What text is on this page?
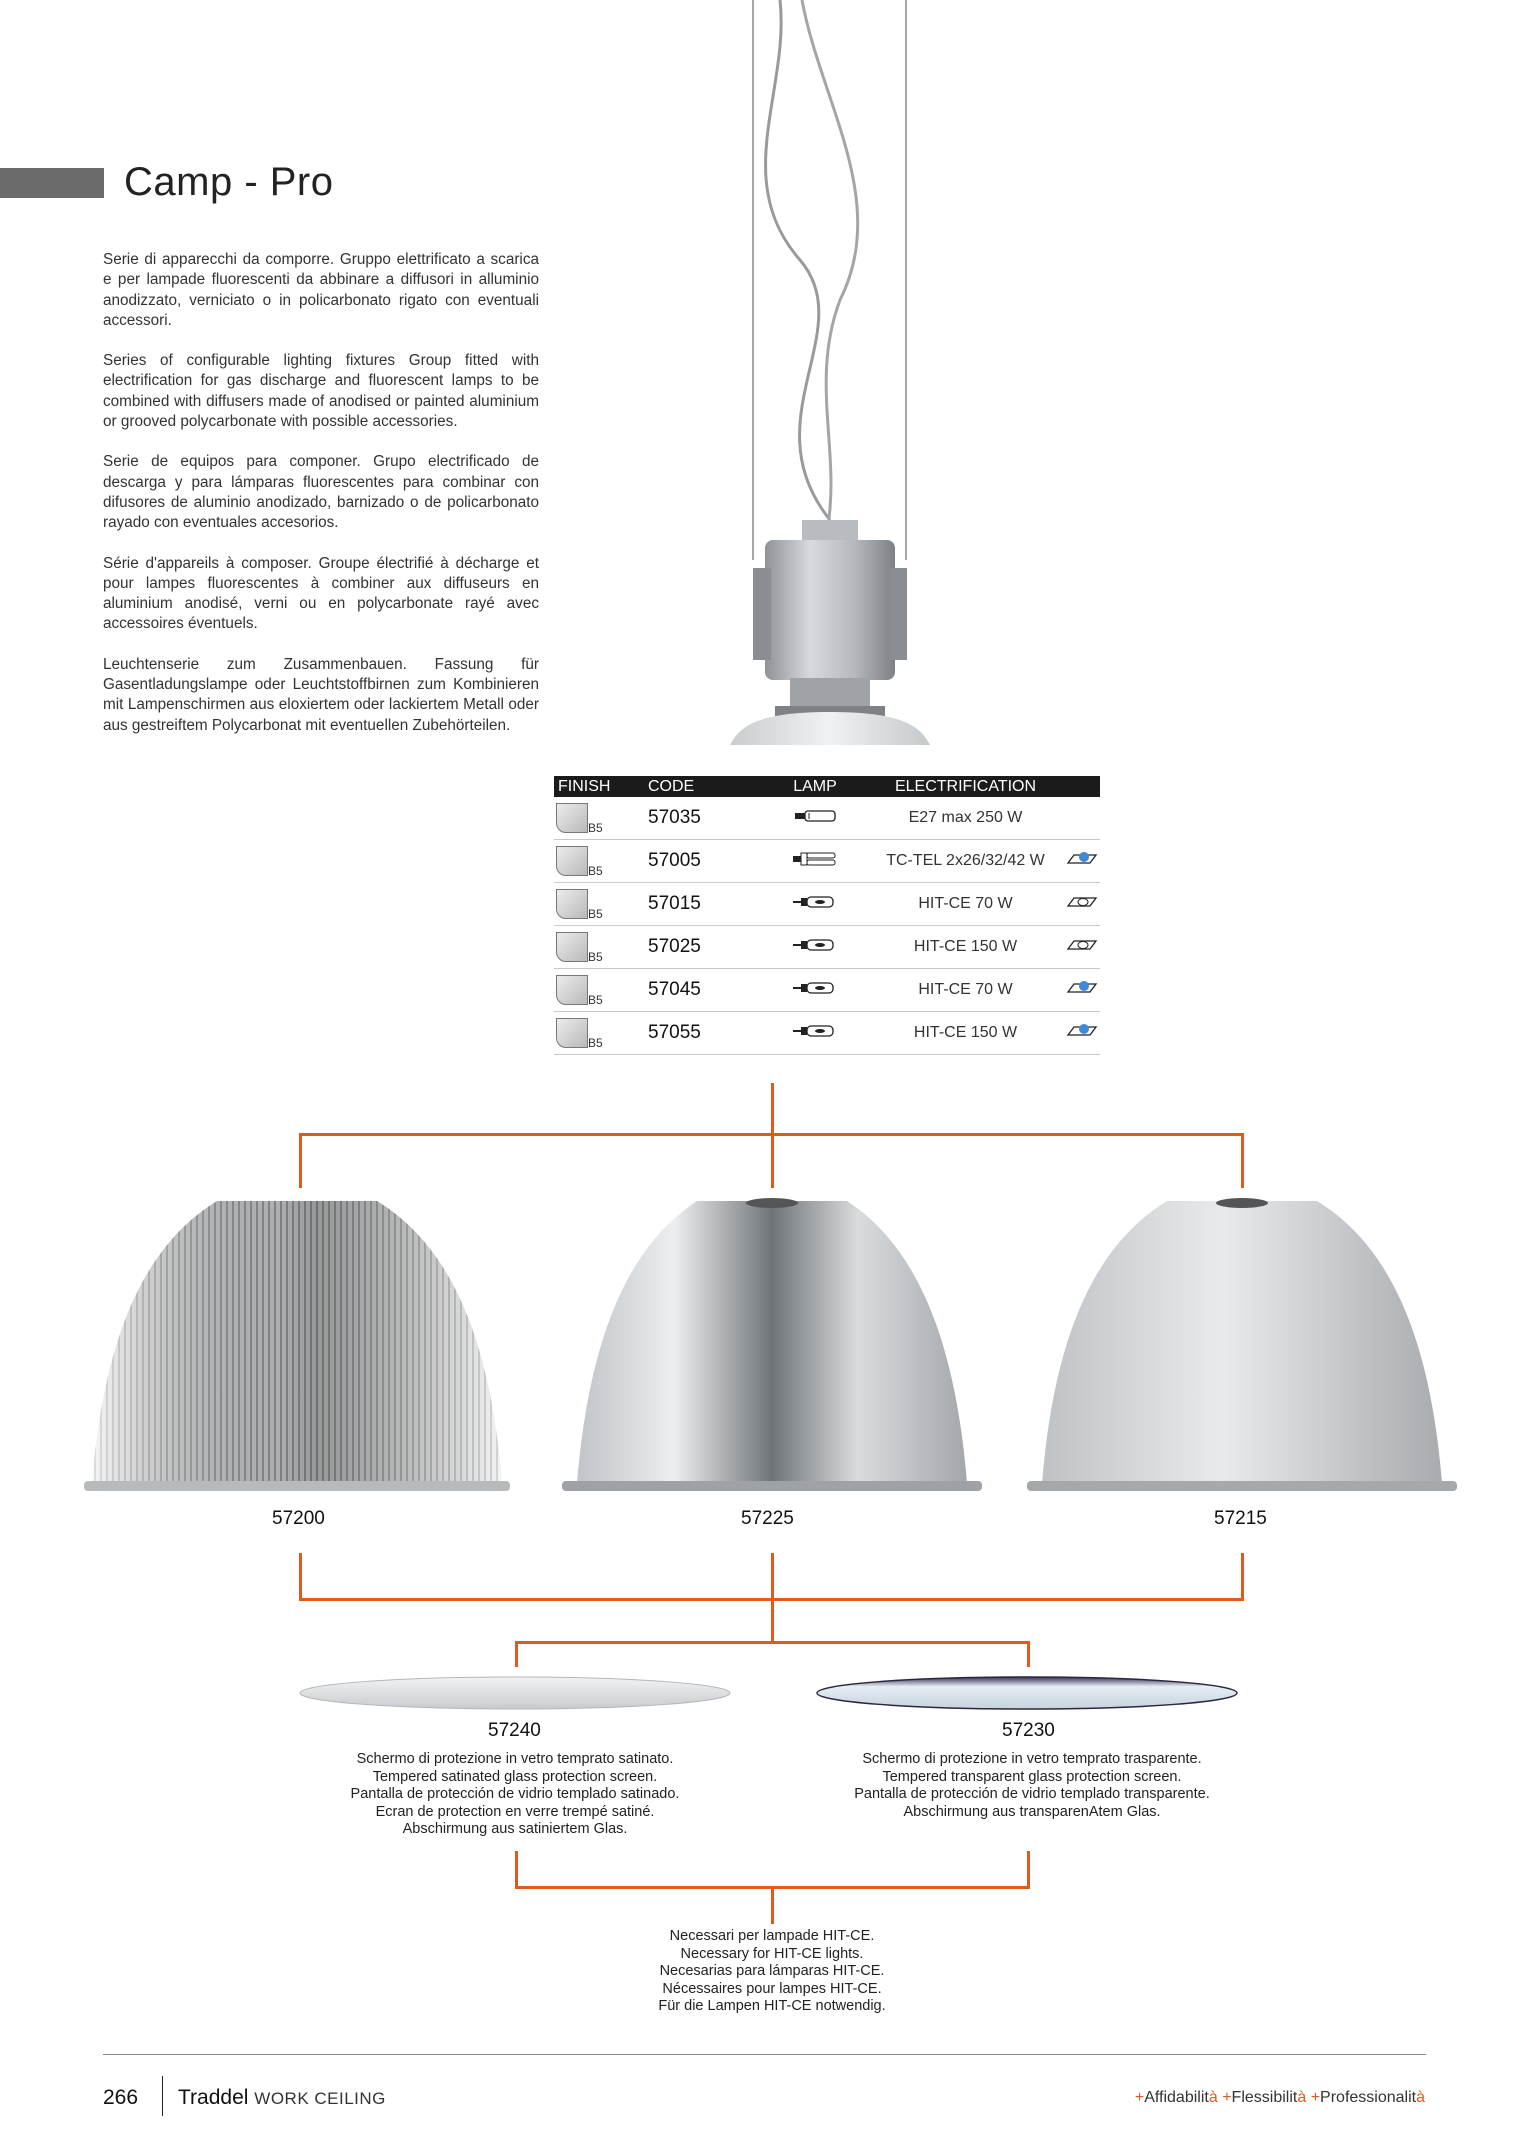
Camp - Pro

Serie di apparecchi da comporre. Gruppo elettrificato a scarica e per lampade fluorescenti da abbinare a diffusori in alluminio anodizzato, verniciato o in policarbonato rigato con eventuali accessori.

Series of configurable lighting fixtures Group fitted with electrification for gas discharge and fluorescent lamps to be combined with diffusers made of anodised or painted aluminium or grooved polycarbonate with possible accessories.

Serie de equipos para componer. Grupo electrificado de descarga y para lámparas fluorescentes para combinar con difusores de aluminio anodizado, barnizado o de policarbonato rayado con eventuales accesorios.

Série d'appareils à composer. Groupe électrifié à décharge et pour lampes fluorescentes à combiner aux diffuseurs en aluminium anodisé, verni ou en polycarbonate rayé avec accessoires éventuels.

Leuchtenserie zum Zusammenbauen. Fassung für Gasentladungslampe oder Leuchtstoffbirnen zum Kombinieren mit Lampenschirmen aus eloxiertem oder lackiertem Metall oder aus gestreiftem Polycarbonat mit eventuellen Zubehörteilen.

FINISH	CODE	LAMP	ELECTRIFICATION	

B5	57035		E27 max 250 W	

B5	57005		TC-TEL 2x26/32/42 W	

B5	57015		HIT-CE 70 W	

B5	57025		HIT-CE 150 W	

B5	57045		HIT-CE 70 W	

B5	57055		HIT-CE 150 W	
57200	57225	57215
57240	57230
Schermo di protezione in vetro temprato satinato.
Tempered satinated glass protection screen.
Pantalla de protección de vidrio templado satinado.
Ecran de protection en verre trempé satiné.
Abschirmung aus satiniertem Glas.
Schermo di protezione in vetro temprato trasparente.
Tempered transparent glass protection screen.
Pantalla de protección de vidrio templado transparente.
Abschirmung aus transparenAtem Glas.
Necessari per lampade HIT-CE.
Necessary for HIT-CE lights.
Necesarias para lámparas HIT-CE.
Nécessaires pour lampes HIT-CE.
Für die Lampen HIT-CE notwendig.
266 Traddel WORK CEILING	+Affidabilità +Flessibilità +Professionalità
